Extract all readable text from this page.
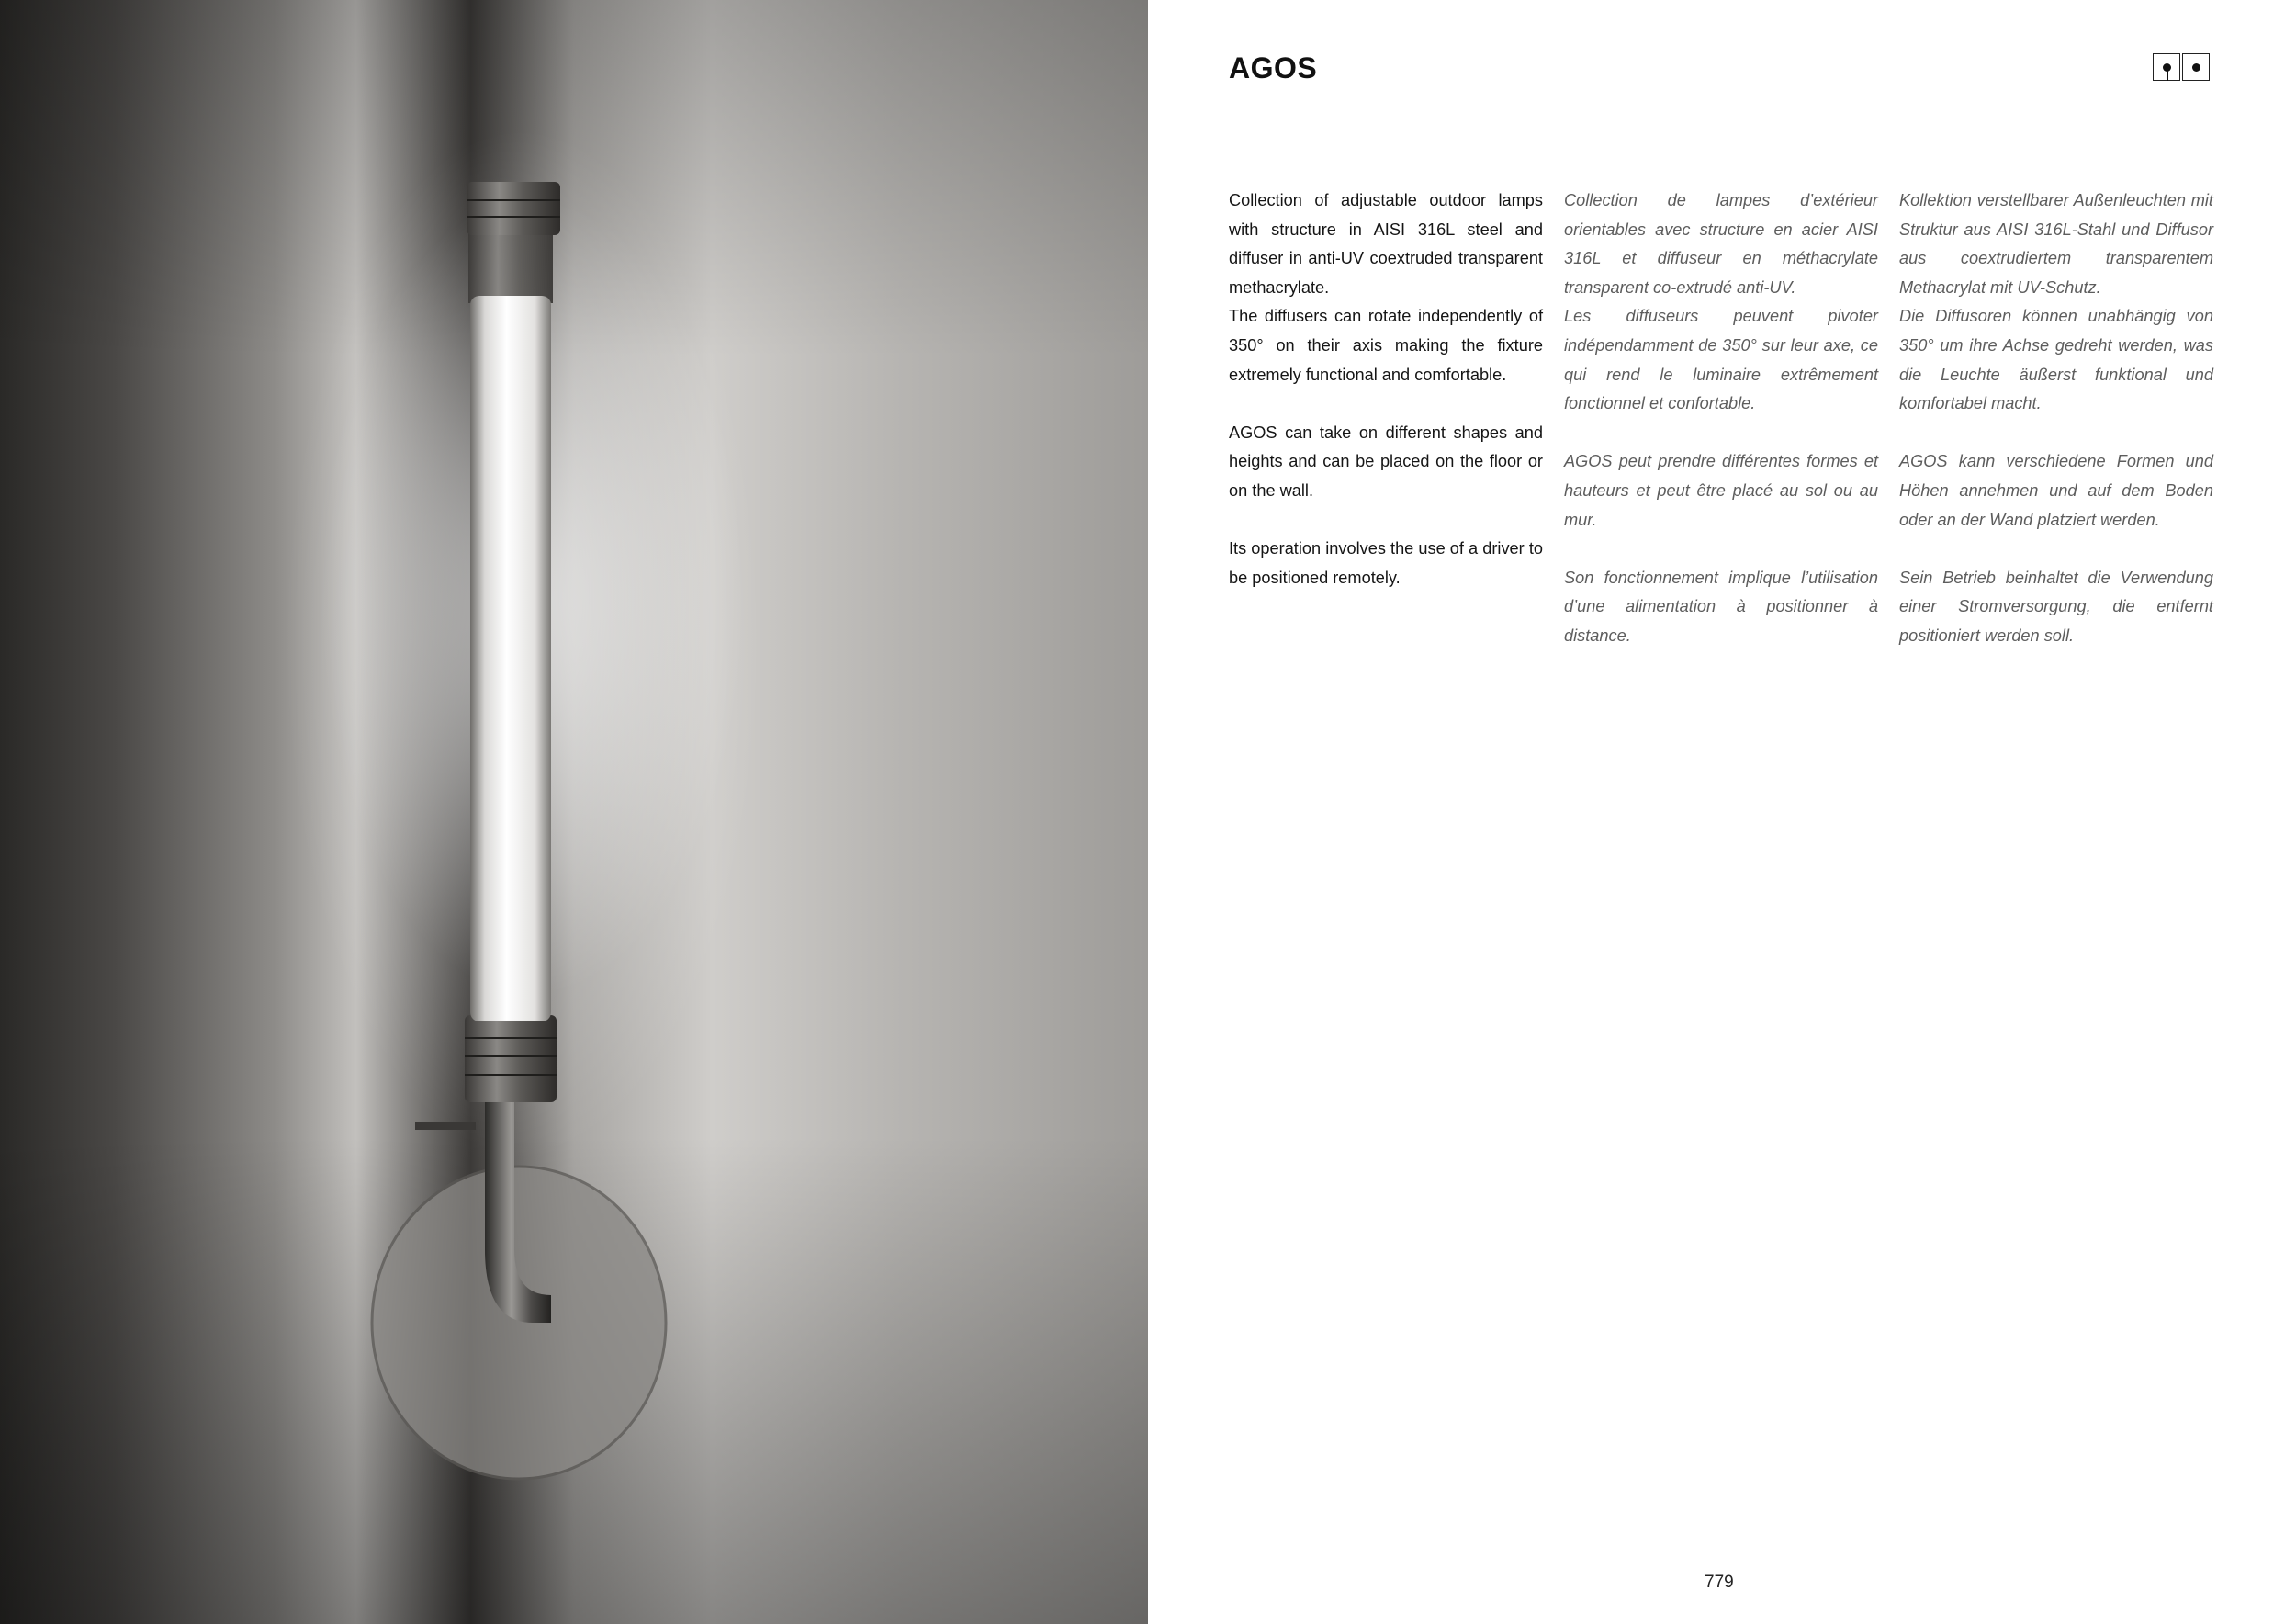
AGOS

Collection of adjustable outdoor lamps with structure in AISI 316L steel and diffuser in anti-UV coextruded transparent methacrylate.
The diffusers can rotate independently of 350° on their axis making the fixture extremely functional and comfortable.

AGOS can take on different shapes and heights and can be placed on the floor or on the wall.

Its operation involves the use of a driver to be positioned remotely.

Collection de lampes d’extérieur orientables avec structure en acier AISI 316L et diffuseur en méthacrylate transparent co-extrudé anti-UV.
Les diffuseurs peuvent pivoter indépendamment de 350° sur leur axe, ce qui rend le luminaire extrêmement fonctionnel et confortable.

AGOS peut prendre différentes formes et hauteurs et peut être placé au sol ou au mur.

Son fonctionnement implique l’utilisation d’une alimentation à positionner à distance.

Kollektion verstellbarer Außenleuchten mit Struktur aus AISI 316L-Stahl und Diffusor aus coextrudiertem transparentem Methacrylat mit UV-Schutz.
Die Diffusoren können unabhängig von 350° um ihre Achse gedreht werden, was die Leuchte äußerst funktional und komfortabel macht.

AGOS kann verschiedene Formen und Höhen annehmen und auf dem Boden oder an der Wand platziert werden.

Sein Betrieb beinhaltet die Verwendung einer Stromversorgung, die entfernt positioniert werden soll.

779
